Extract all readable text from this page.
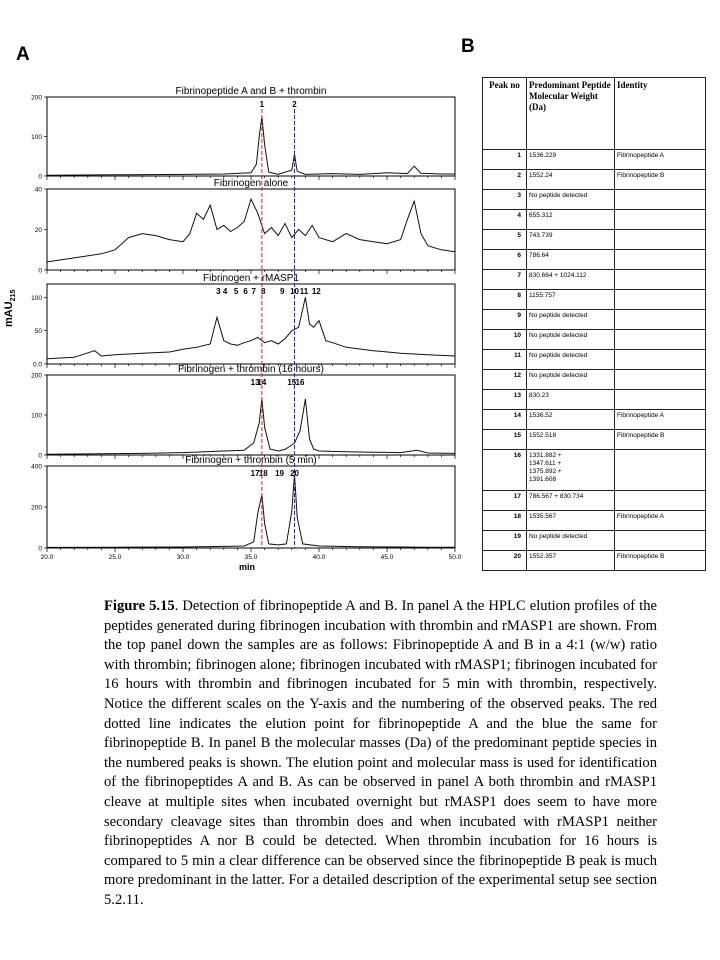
A	B
200
100
0
Fibrinopeptide A and B + thrombin
1	2
40
20
0
Fibrinogen alone
100
50
0.0
Fibrinogen + rMASP1
3 4 5 6 7 8 9 10 11 12
200
100
0
Fibrinogen + thrombin (16 hours)
13
14	15 16
400
200
0
Fibrinogen + thrombin (5 min)
17 18 19 20
20.0	25.0	30.0	35.0	40.0	45.0	50.0
mAU$_{215}$
min
Peak no	Predominant Peptide Molecular Weight (Da)	Identity
1	1536.229	Fibrinopeptide A
2	1552.24	Fibrinopeptide B
3	No peptide detected	
4	655.312	
5	743.739	
6	786.64	
7	830.664 + 1024.112	
8	1155.757	
9	No peptide detected	
10	No peptide detected	
11	No peptide detected	
12	No peptide detected	
13	830.23	
14	1536.52	Fibrinopeptide A
15	1552.518	Fibrinopeptide B
16	1331.882 +
1347.611 +
1375.892 +
1391.608	
17	786.567 + 830.734	
18	1535.567	Fibrinopeptide A
19	No peptide detected	
20	1552.357	Fibrinopeptide B
Figure 5.15. Detection of fibrinopeptide A and B. In panel A the HPLC elution profiles of the peptides generated during fibrinogen incubation with thrombin and rMASP1 are shown. From the top panel down the samples are as follows: Fibrinopeptide A and B in a 4:1 (w/w) ratio with thrombin; fibrinogen alone; fibrinogen incubated with rMASP1; fibrinogen incubated for 16 hours with thrombin and fibrinogen incubated for 5 min with thrombin, respectively. Notice the different scales on the Y-axis and the numbering of the observed peaks. The red dotted line indicates the elution point for fibrinopeptide A and the blue the same for fibrinopeptide B. In panel B the molecular masses (Da) of the predominant peptide species in the numbered peaks is shown. The elution point and molecular mass is used for identification of the fibrinopeptides A and B. As can be observed in panel A both thrombin and rMASP1 cleave at multiple sites when incubated overnight but rMASP1 does seem to have more secondary cleavage sites than thrombin does and when incubated with rMASP1 neither fibrinopeptides A nor B could be detected. When thrombin incubation for 16 hours is compared to 5 min a clear difference can be observed since the fibrinopeptide B peak is much more predominant in the latter. For a detailed description of the experimental setup see section 5.2.11.
